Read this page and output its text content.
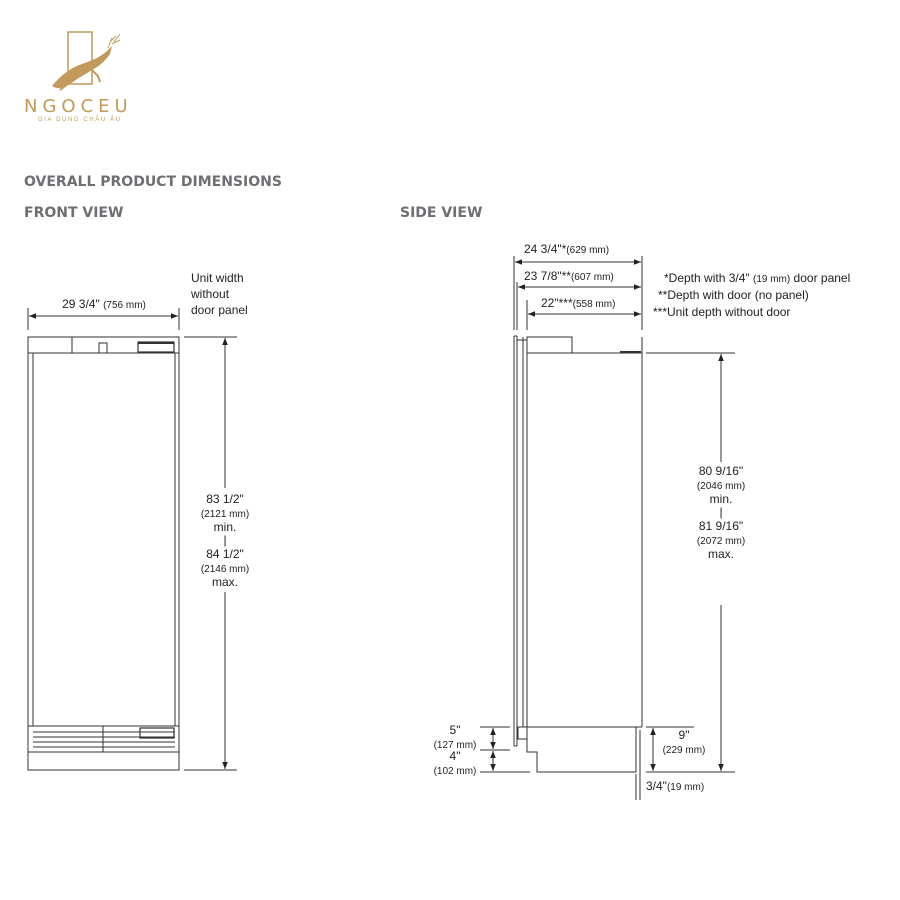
NGOCEU
GIA DỤNG CHÂU ÂU
OVERALL PRODUCT DIMENSIONS
FRONT VIEW	SIDE VIEW
29 3/4" (756 mm)
Unit width
without
door panel
83 1/2"
(2121 mm)
min.
|
84 1/2"
(2146 mm)
max.
24 3/4"*(629 mm)
23 7/8"**(607 mm)
22"***(558 mm)
*Depth with 3/4" (19 mm) door panel
**Depth with door (no panel)
***Unit depth without door
80 9/16"
(2046 mm)
min.
|
81 9/16"
(2072 mm)
max.
5"
(127 mm)
4"
(102 mm)
9"
(229 mm)
3/4"(19 mm)
